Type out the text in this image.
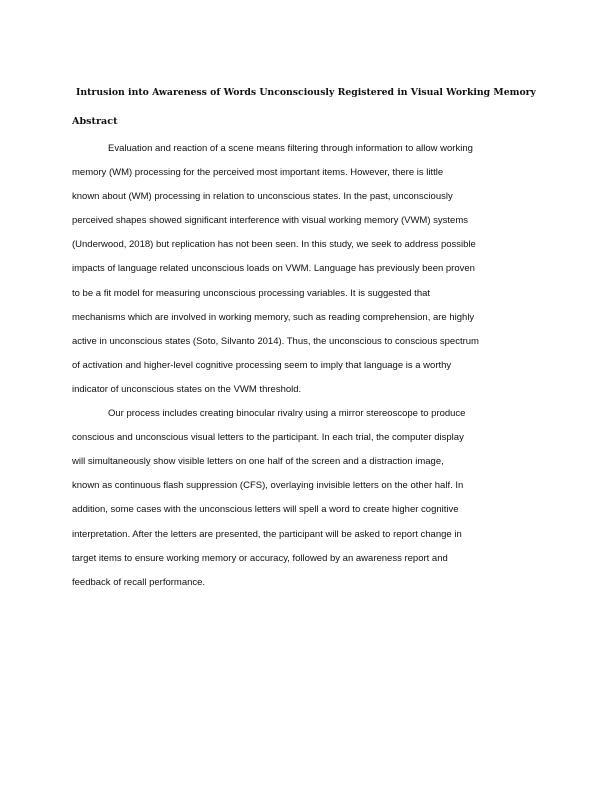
Intrusion into Awareness of Words Unconsciously Registered in Visual Working Memory
Abstract

Evaluation and reaction of a scene means filtering through information to allow working
memory (WM) processing for the perceived most important items. However, there is little
known about (WM) processing in relation to unconscious states. In the past, unconsciously
perceived shapes showed significant interference with visual working memory (VWM) systems
(Underwood, 2018) but replication has not been seen. In this study, we seek to address possible
impacts of language related unconscious loads on VWM. Language has previously been proven
to be a fit model for measuring unconscious processing variables. It is suggested that
mechanisms which are involved in working memory, such as reading comprehension, are highly
active in unconscious states (Soto, Silvanto 2014). Thus, the unconscious to conscious spectrum
of activation and higher-level cognitive processing seem to imply that language is a worthy
indicator of unconscious states on the VWM threshold.

Our process includes creating binocular rivalry using a mirror stereoscope to produce
conscious and unconscious visual letters to the participant. In each trial, the computer display
will simultaneously show visible letters on one half of the screen and a distraction image,
known as continuous flash suppression (CFS), overlaying invisible letters on the other half. In
addition, some cases with the unconscious letters will spell a word to create higher cognitive
interpretation. After the letters are presented, the participant will be asked to report change in
target items to ensure working memory or accuracy, followed by an awareness report and
feedback of recall performance.
